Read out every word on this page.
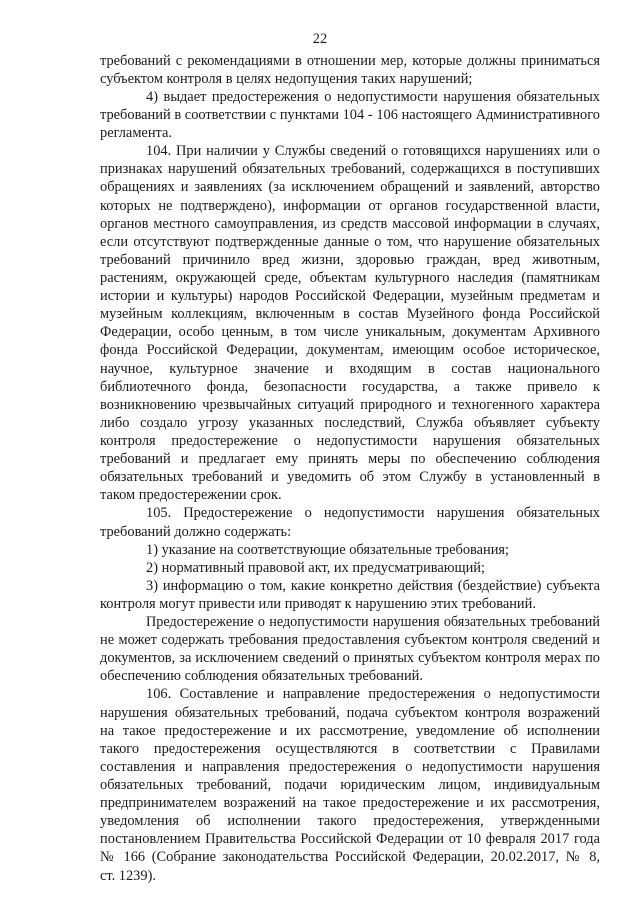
22
требований с рекомендациями в отношении мер, которые должны приниматься
субъектом контроля в целях недопущения таких нарушений;
4) выдает предостережения о недопустимости нарушения обязательных
требований в соответствии с пунктами 104 - 106 настоящего Административного
регламента.
104. При наличии у Службы сведений о готовящихся нарушениях или о
признаках нарушений обязательных требований, содержащихся в поступивших
обращениях и заявлениях (за исключением обращений и заявлений, авторство
которых не подтверждено), информации от органов государственной власти,
органов местного самоуправления, из средств массовой информации в случаях,
если отсутствуют подтвержденные данные о том, что нарушение обязательных
требований причинило вред жизни, здоровью граждан, вред животным,
растениям, окружающей среде, объектам культурного наследия (памятникам
истории и культуры) народов Российской Федерации, музейным предметам и
музейным коллекциям, включенным в состав Музейного фонда Российской
Федерации, особо ценным, в том числе уникальным, документам Архивного
фонда Российской Федерации, документам, имеющим особое историческое,
научное, культурное значение и входящим в состав национального
библиотечного фонда, безопасности государства, а также привело к
возникновению чрезвычайных ситуаций природного и техногенного характера
либо создало угрозу указанных последствий, Служба объявляет субъекту
контроля предостережение о недопустимости нарушения обязательных
требований и предлагает ему принять меры по обеспечению соблюдения
обязательных требований и уведомить об этом Службу в установленный в
таком предостережении срок.
105. Предостережение о недопустимости нарушения обязательных
требований должно содержать:
1) указание на соответствующие обязательные требования;
2) нормативный правовой акт, их предусматривающий;
3) информацию о том, какие конкретно действия (бездействие) субъекта
контроля могут привести или приводят к нарушению этих требований.
Предостережение о недопустимости нарушения обязательных требований
не может содержать требования предоставления субъектом контроля сведений и
документов, за исключением сведений о принятых субъектом контроля мерах по
обеспечению соблюдения обязательных требований.
106. Составление и направление предостережения о недопустимости
нарушения обязательных требований, подача субъектом контроля возражений
на такое предостережение и их рассмотрение, уведомление об исполнении
такого предостережения осуществляются в соответствии с Правилами
составления и направления предостережения о недопустимости нарушения
обязательных требований, подачи юридическим лицом, индивидуальным
предпринимателем возражений на такое предостережение и их рассмотрения,
уведомления об исполнении такого предостережения, утвержденными
постановлением Правительства Российской Федерации от 10 февраля 2017 года
№ 166 (Собрание законодательства Российской Федерации, 20.02.2017, № 8,
ст. 1239).
